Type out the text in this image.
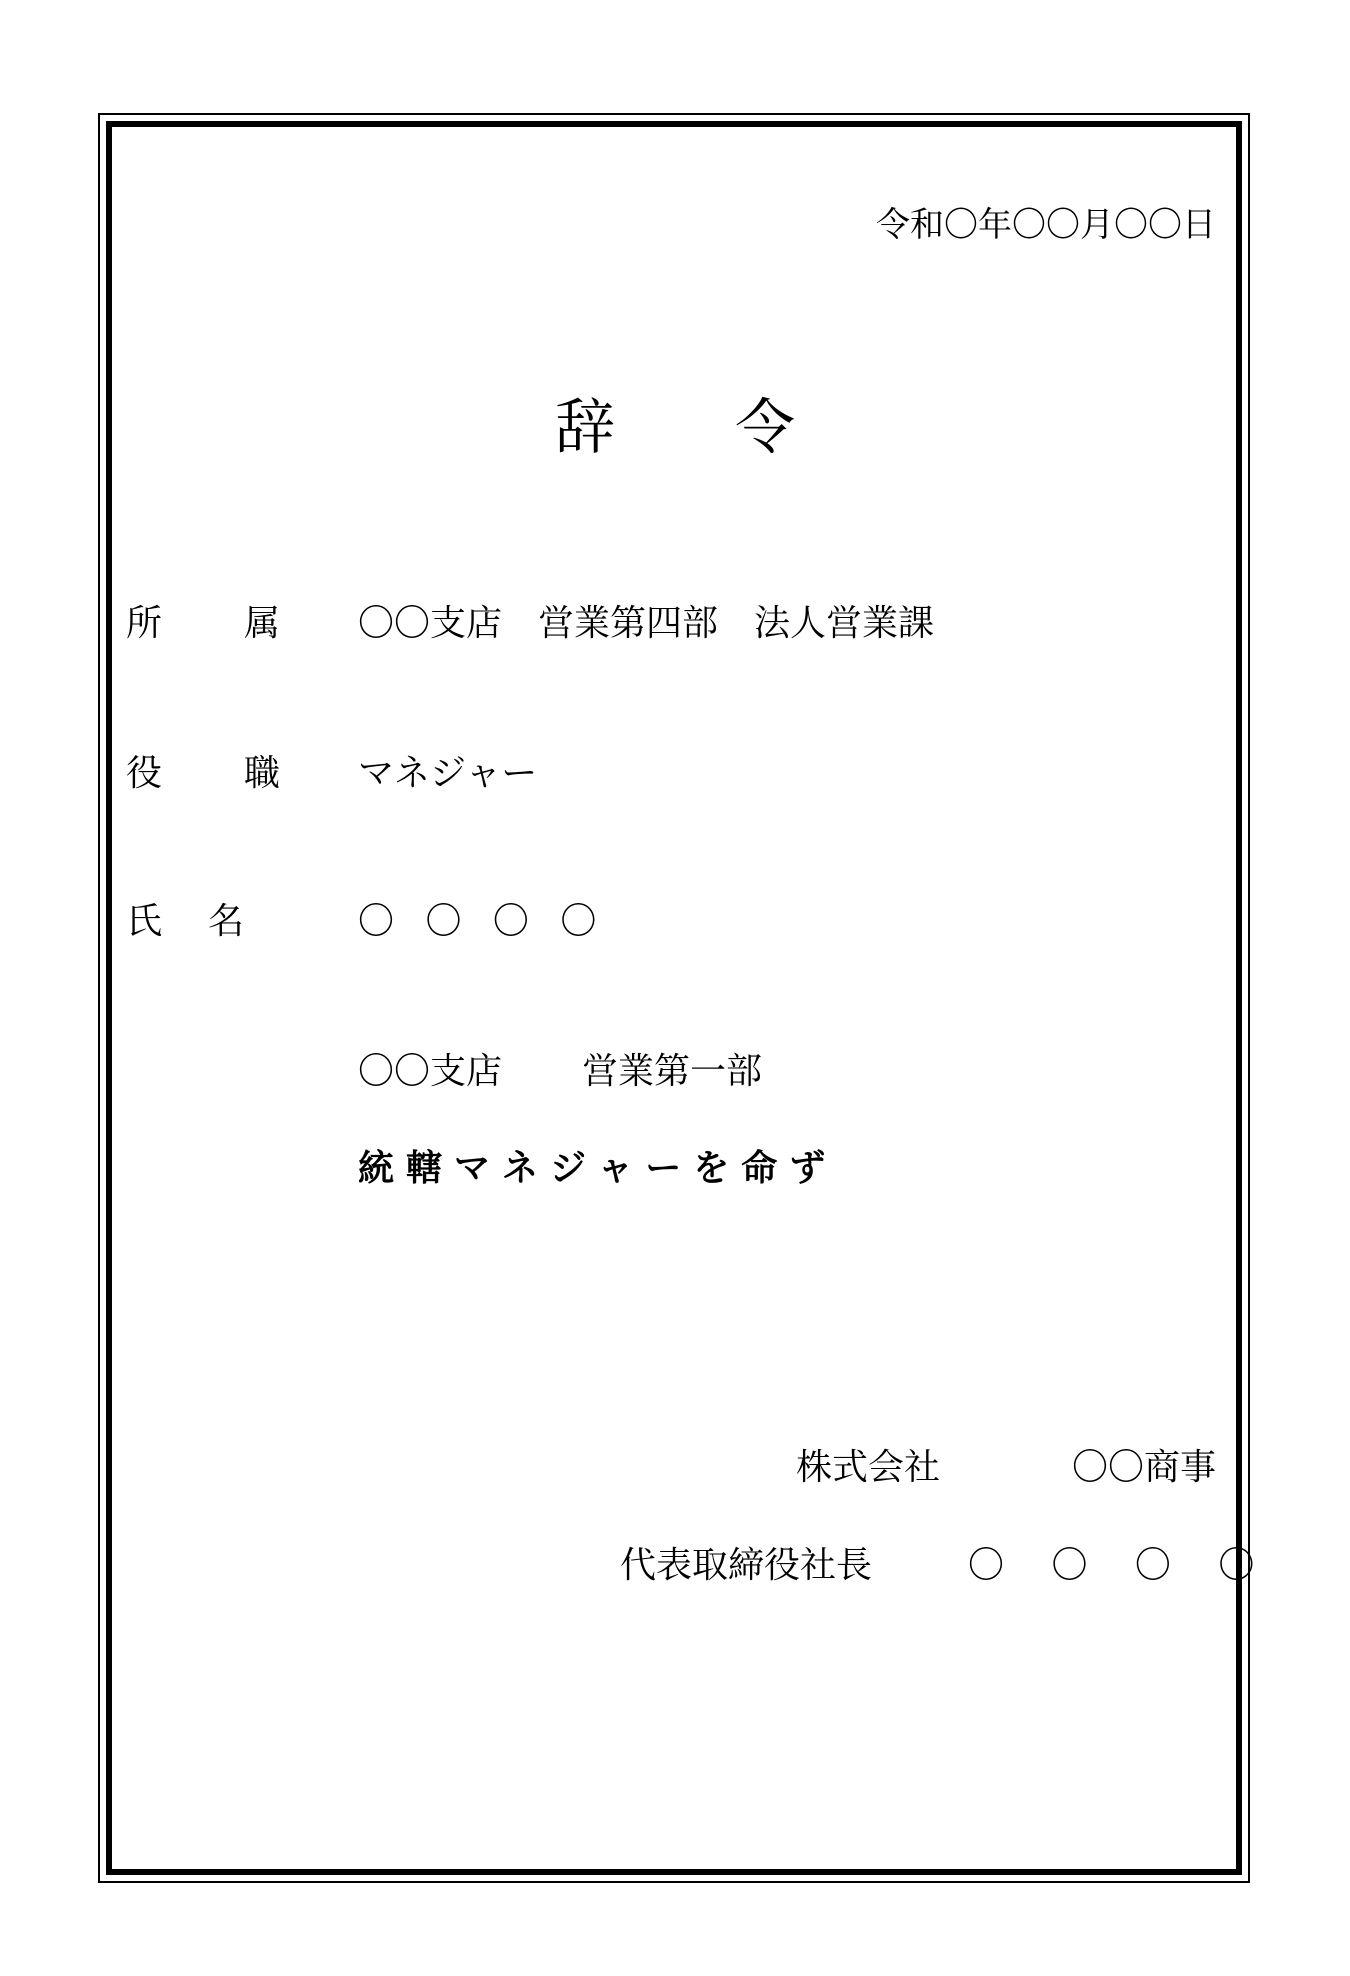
令和〇年〇〇月〇〇日
辞 令
所 属 〇〇支店　営業第四部　法人営業課
役 職 マネジャー
氏 名	〇 〇 〇 〇
〇〇支店 営業第一部
統轄マネジャーを命ず
株式会社	〇〇商事
代表取締役社長	〇 〇 〇 〇
